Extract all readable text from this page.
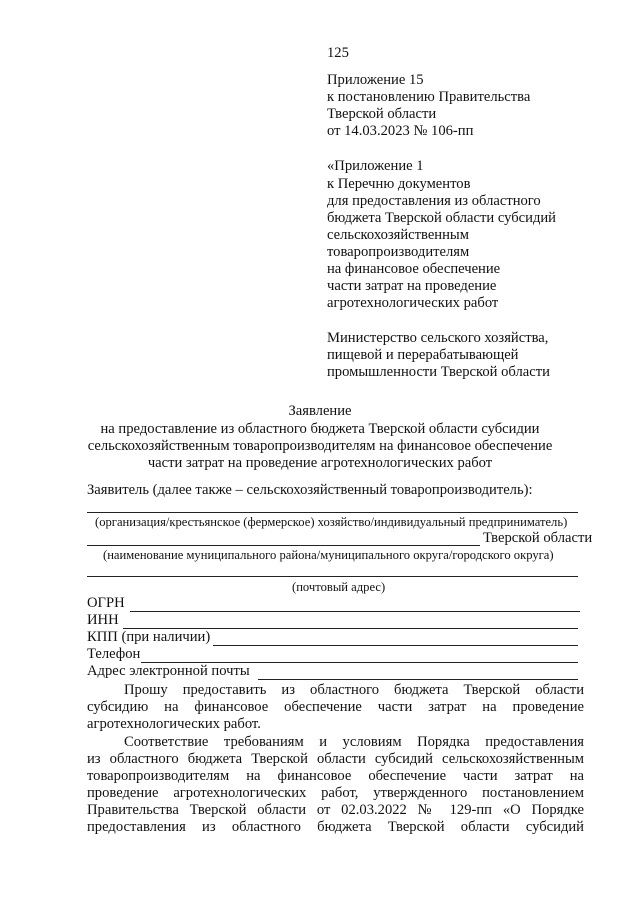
125
Приложение 15
к постановлению Правительства
Тверской области
от 14.03.2023 № 106-пп
«Приложение 1
к Перечню документов
для предоставления из областного
бюджета Тверской области субсидий
сельскохозяйственным
товаропроизводителям
на финансовое обеспечение
части затрат на проведение
агротехнологических работ
Министерство сельского хозяйства,
пищевой и перерабатывающей
промышленности Тверской области
Заявление
на предоставление из областного бюджета Тверской области субсидии
сельскохозяйственным товаропроизводителям на финансовое обеспечение
части затрат на проведение агротехнологических работ
Заявитель (далее также – сельскохозяйственный товаропроизводитель):
(организация/крестьянское (фермерское) хозяйство/индивидуальный предприниматель)
Тверской области
(наименование муниципального района/муниципального округа/городского округа)
(почтовый адрес)
ОГРН
ИНН
КПП (при наличии)
Телефон
Адрес электронной почты
Прошу предоставить из областного бюджета Тверской области
субсидию на финансовое обеспечение части затрат на проведение
агротехнологических работ.
Соответствие требованиям и условиям Порядка предоставления
из областного бюджета Тверской области субсидий сельскохозяйственным
товаропроизводителям на финансовое обеспечение части затрат на
проведение агротехнологических работ, утвержденного постановлением
Правительства Тверской области от 02.03.2022 № 129-пп «О Порядке
предоставления из областного бюджета Тверской области субсидий
